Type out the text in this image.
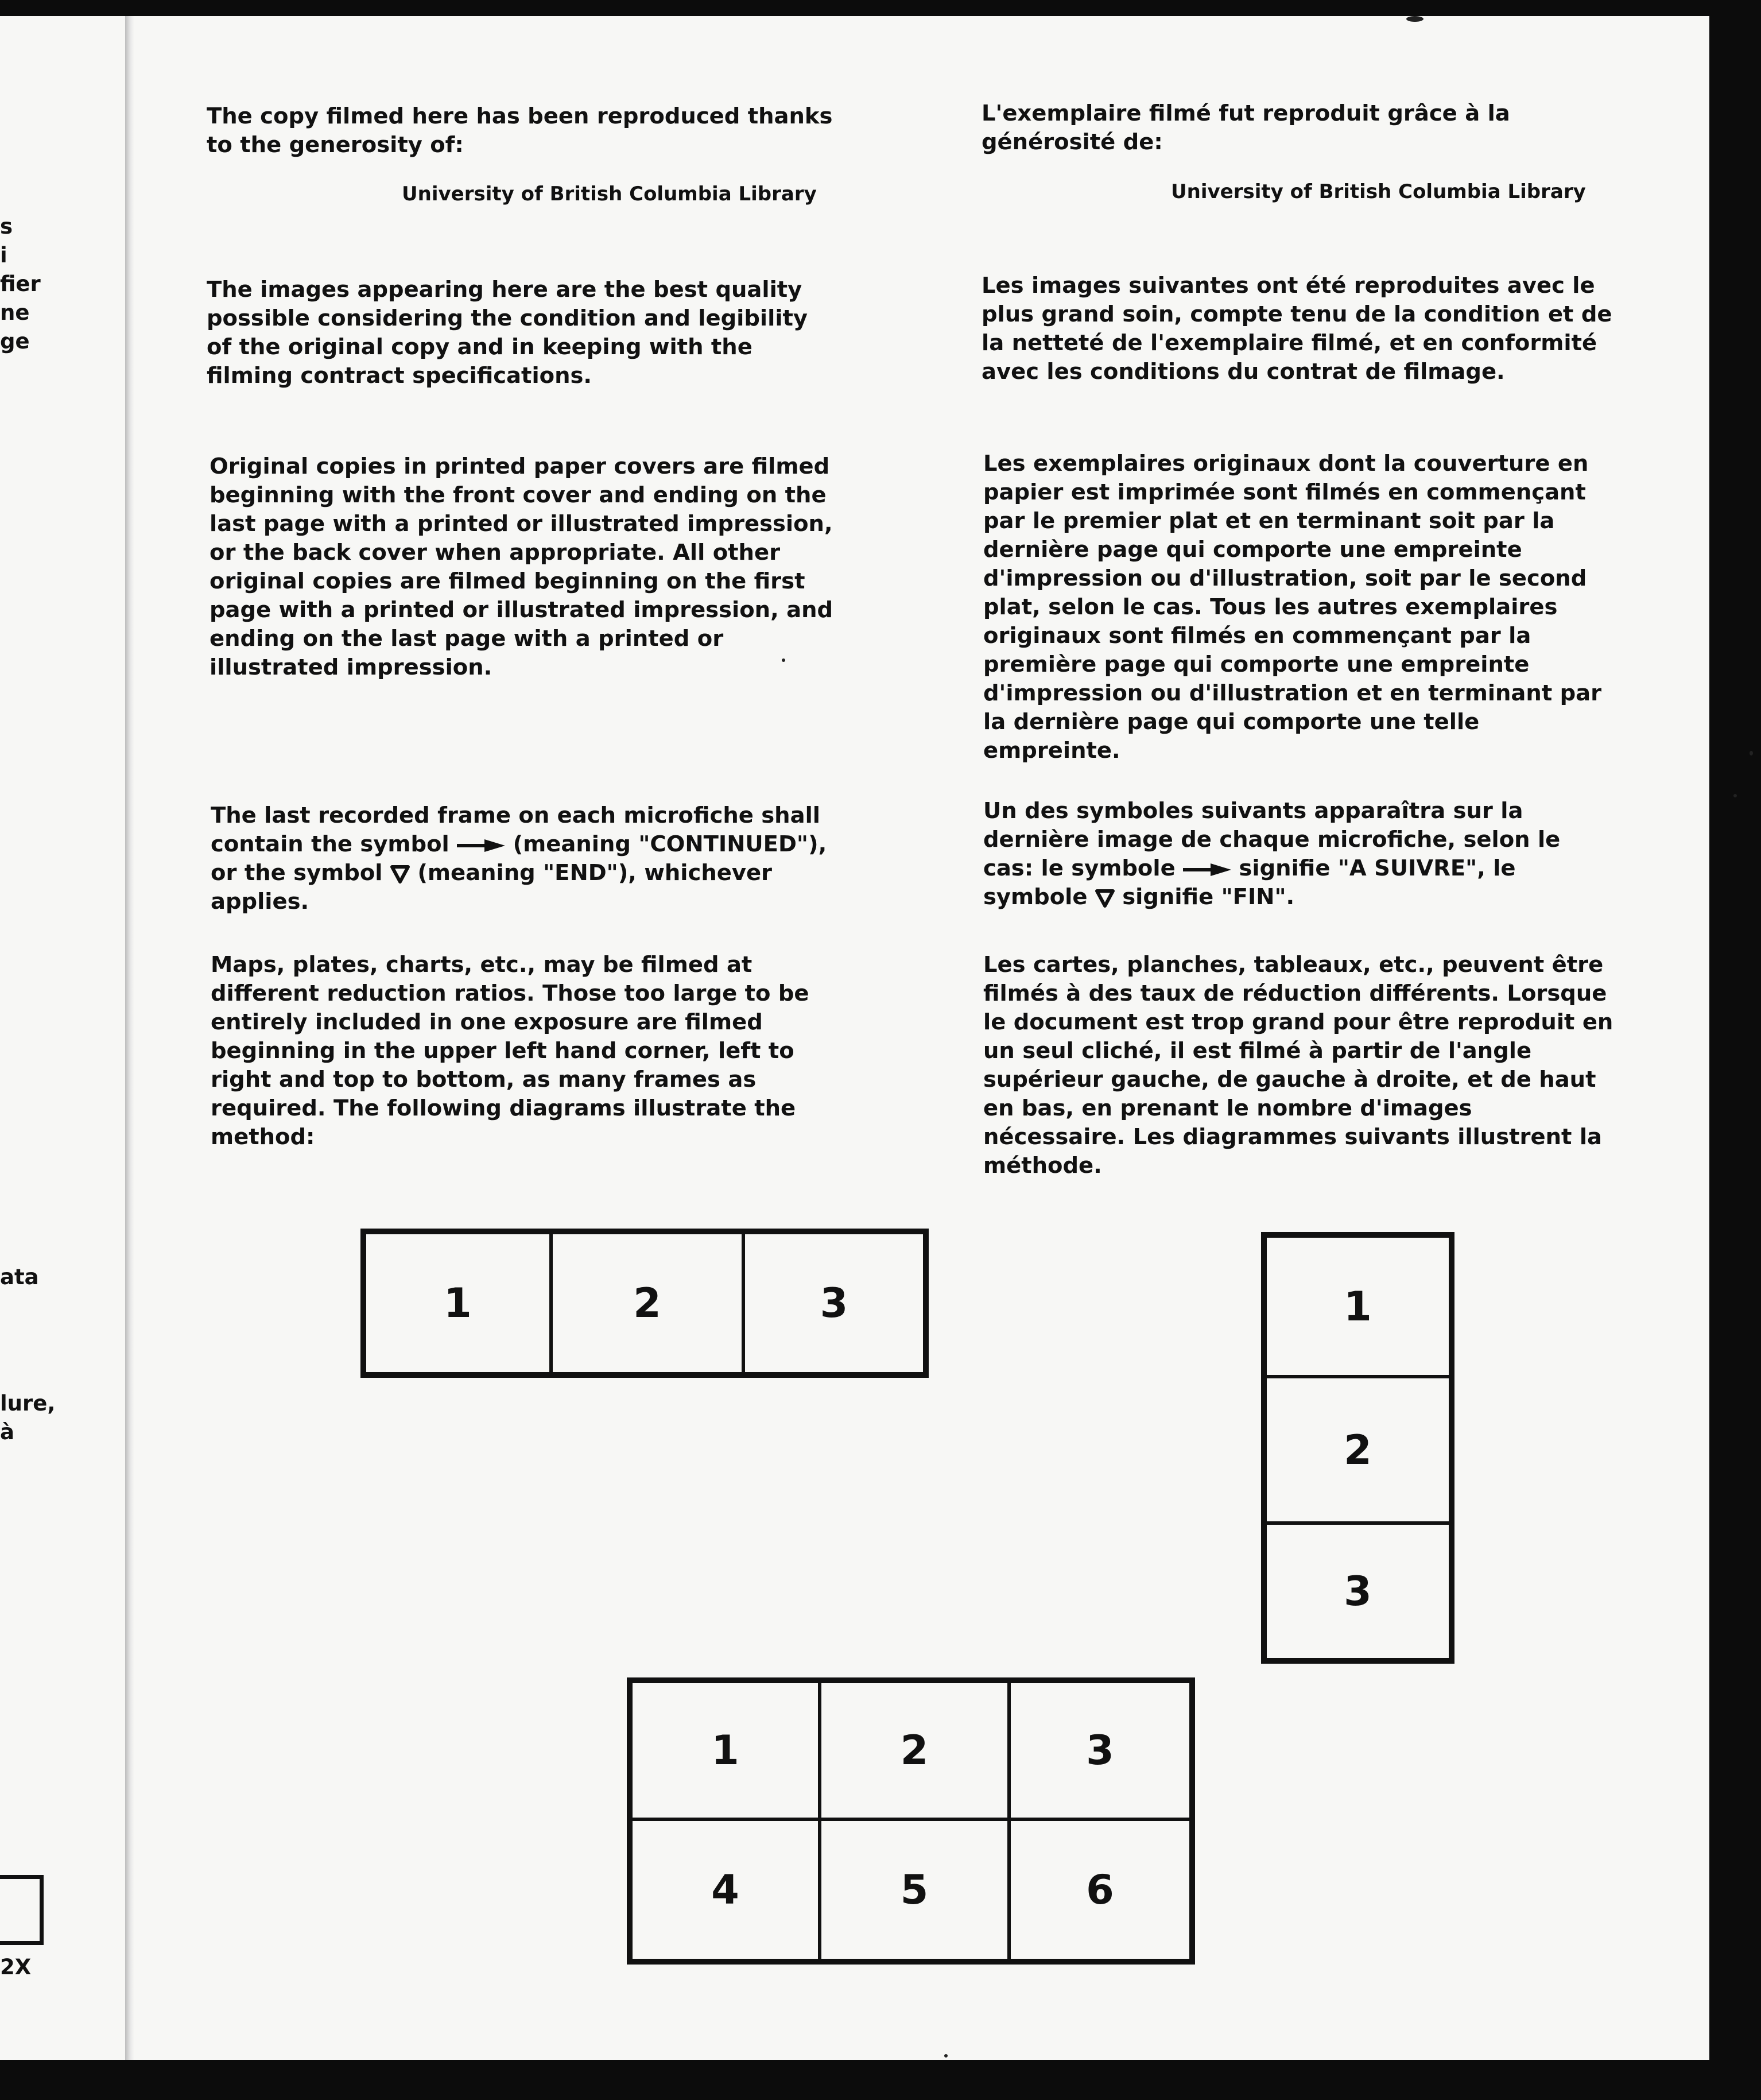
s
i
fier
ne
ge
ata
lure,
à
2X
The copy filmed here has been reproduced thanks to the generosity of:
University of British Columbia Library
The images appearing here are the best quality possible considering the condition and legibility of the original copy and in keeping with the filming contract specifications.
Original copies in printed paper covers are filmed beginning with the front cover and ending on the last page with a printed or illustrated impression, or the back cover when appropriate. All other original copies are filmed beginning on the first page with a printed or illustrated impression, and ending on the last page with a printed or illustrated impression.
The last recorded frame on each microfiche shall contain the symbol	(meaning "CONTINUED"), or the symbol (meaning "END"), whichever applies.
Maps, plates, charts, etc., may be filmed at different reduction ratios. Those too large to be entirely included in one exposure are filmed beginning in the upper left hand corner, left to right and top to bottom, as many frames as required. The following diagrams illustrate the method:
L'exemplaire filmé fut reproduit grâce à la générosité de:
University of British Columbia Library
Les images suivantes ont été reproduites avec le plus grand soin, compte tenu de la condition et de la netteté de l'exemplaire filmé, et en conformité avec les conditions du contrat de filmage.
Les exemplaires originaux dont la couverture en papier est imprimée sont filmés en commençant par le premier plat et en terminant soit par la dernière page qui comporte une empreinte d'impression ou d'illustration, soit par le second plat, selon le cas. Tous les autres exemplaires originaux sont filmés en commençant par la première page qui comporte une empreinte d'impression ou d'illustration et en terminant par la dernière page qui comporte une telle empreinte.
Un des symboles suivants apparaîtra sur la dernière image de chaque microfiche, selon le cas: le symbole	signifie "A SUIVRE", le symbole signifie "FIN".
Les cartes, planches, tableaux, etc., peuvent être filmés à des taux de réduction différents. Lorsque le document est trop grand pour être reproduit en un seul cliché, il est filmé à partir de l'angle supérieur gauche, de gauche à droite, et de haut en bas, en prenant le nombre d'images nécessaire. Les diagrammes suivants illustrent la méthode.
1	2	3	1
2
3
1	2	3
4	5	6
